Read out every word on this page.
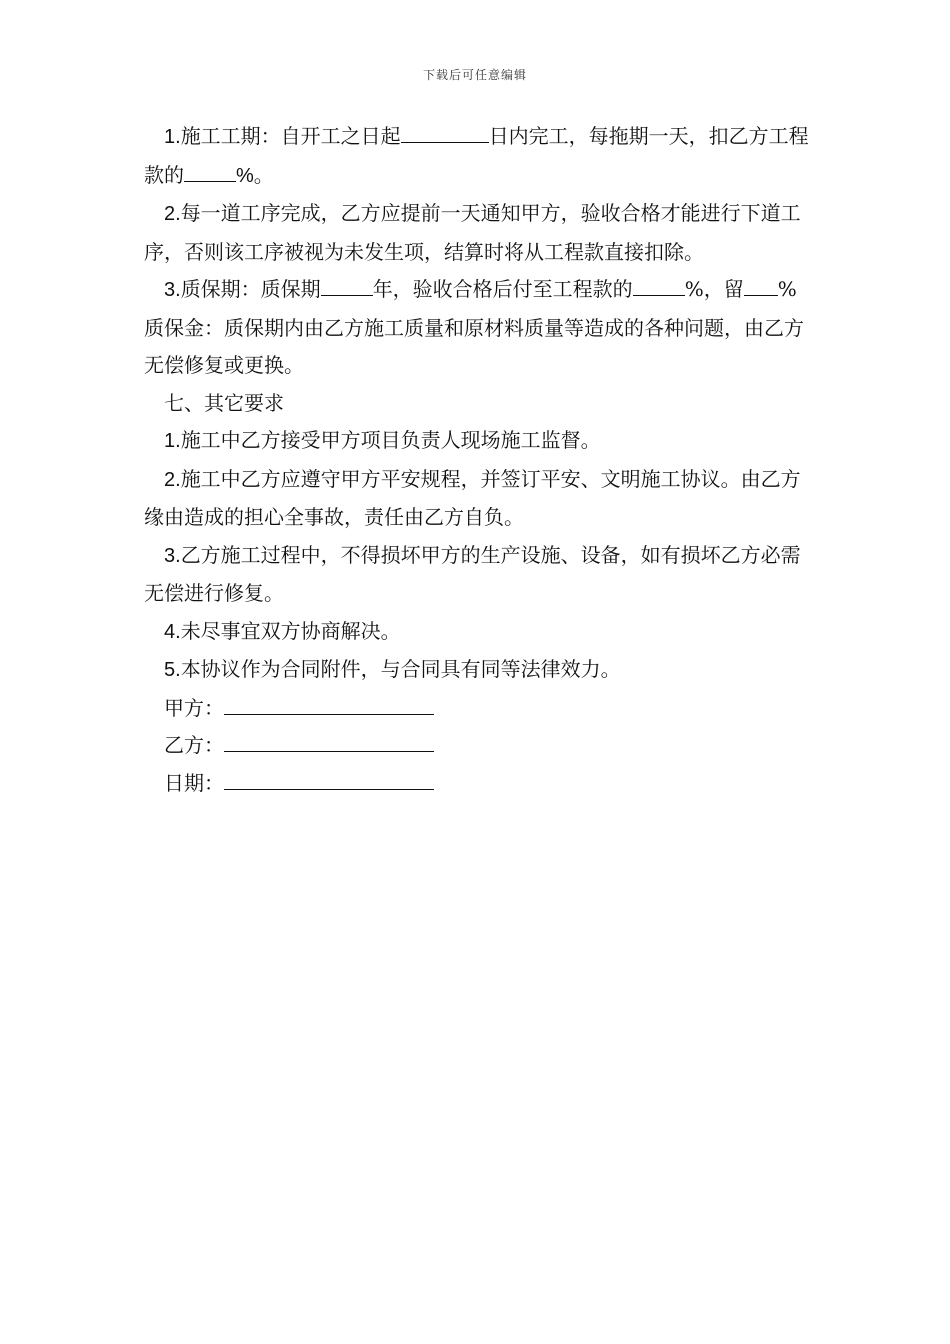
下载后可任意编辑

1.施工工期：自开工之日起	日内完工，每拖期一天，扣乙方工程款的	%。

2.每一道工序完成，乙方应提前一天通知甲方，验收合格才能进行下道工序，否则该工序被视为未发生项，结算时将从工程款直接扣除。

3.质保期：质保期	年，验收合格后付至工程款的	%，留 %质保金：质保期内由乙方施工质量和原材料质量等造成的各种问题，由乙方无偿修复或更换。

七、其它要求

1.施工中乙方接受甲方项目负责人现场施工监督。

2.施工中乙方应遵守甲方平安规程，并签订平安、文明施工协议。由乙方缘由造成的担心全事故，责任由乙方自负。

3.乙方施工过程中，不得损坏甲方的生产设施、设备，如有损坏乙方必需无偿进行修复。

4.未尽事宜双方协商解决。

5.本协议作为合同附件，与合同具有同等法律效力。

甲方：

乙方：

日期：
